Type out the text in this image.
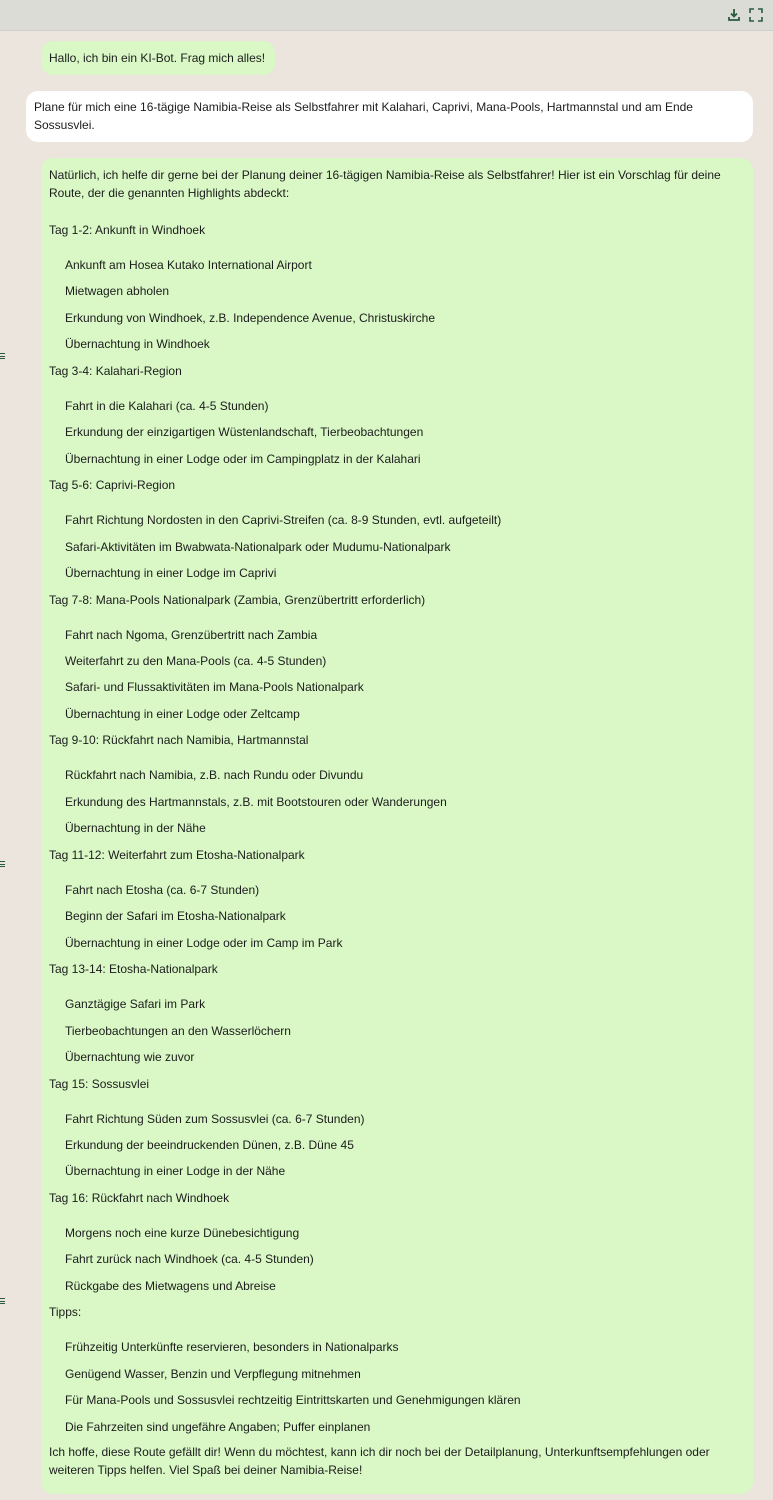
Hallo, ich bin ein KI-Bot. Frag mich alles!
Plane für mich eine 16-tägige Namibia-Reise als Selbstfahrer mit Kalahari, Caprivi, Mana-Pools, Hartmannstal und am Ende Sossusvlei.
Natürlich, ich helfe dir gerne bei der Planung deiner 16-tägigen Namibia-Reise als Selbstfahrer! Hier ist ein Vorschlag für deine Route, der die genannten Highlights abdeckt:
Tag 1-2: Ankunft in Windhoek
Ankunft am Hosea Kutako International Airport
Mietwagen abholen
Erkundung von Windhoek, z.B. Independence Avenue, Christuskirche
Übernachtung in Windhoek
Tag 3-4: Kalahari-Region
Fahrt in die Kalahari (ca. 4-5 Stunden)
Erkundung der einzigartigen Wüstenlandschaft, Tierbeobachtungen
Übernachtung in einer Lodge oder im Campingplatz in der Kalahari
Tag 5-6: Caprivi-Region
Fahrt Richtung Nordosten in den Caprivi-Streifen (ca. 8-9 Stunden, evtl. aufgeteilt)
Safari-Aktivitäten im Bwabwata-Nationalpark oder Mudumu-Nationalpark
Übernachtung in einer Lodge im Caprivi
Tag 7-8: Mana-Pools Nationalpark (Zambia, Grenzübertritt erforderlich)
Fahrt nach Ngoma, Grenzübertritt nach Zambia
Weiterfahrt zu den Mana-Pools (ca. 4-5 Stunden)
Safari- und Flussaktivitäten im Mana-Pools Nationalpark
Übernachtung in einer Lodge oder Zeltcamp
Tag 9-10: Rückfahrt nach Namibia, Hartmannstal
Rückfahrt nach Namibia, z.B. nach Rundu oder Divundu
Erkundung des Hartmannstals, z.B. mit Bootstouren oder Wanderungen
Übernachtung in der Nähe
Tag 11-12: Weiterfahrt zum Etosha-Nationalpark
Fahrt nach Etosha (ca. 6-7 Stunden)
Beginn der Safari im Etosha-Nationalpark
Übernachtung in einer Lodge oder im Camp im Park
Tag 13-14: Etosha-Nationalpark
Ganztägige Safari im Park
Tierbeobachtungen an den Wasserlöchern
Übernachtung wie zuvor
Tag 15: Sossusvlei
Fahrt Richtung Süden zum Sossusvlei (ca. 6-7 Stunden)
Erkundung der beeindruckenden Dünen, z.B. Düne 45
Übernachtung in einer Lodge in der Nähe
Tag 16: Rückfahrt nach Windhoek
Morgens noch eine kurze Dünebesichtigung
Fahrt zurück nach Windhoek (ca. 4-5 Stunden)
Rückgabe des Mietwagens und Abreise
Tipps:
Frühzeitig Unterkünfte reservieren, besonders in Nationalparks
Genügend Wasser, Benzin und Verpflegung mitnehmen
Für Mana-Pools und Sossusvlei rechtzeitig Eintrittskarten und Genehmigungen klären
Die Fahrzeiten sind ungefähre Angaben; Puffer einplanen
Ich hoffe, diese Route gefällt dir! Wenn du möchtest, kann ich dir noch bei der Detailplanung, Unterkunftsempfehlungen oder weiteren Tipps helfen. Viel Spaß bei deiner Namibia-Reise!
